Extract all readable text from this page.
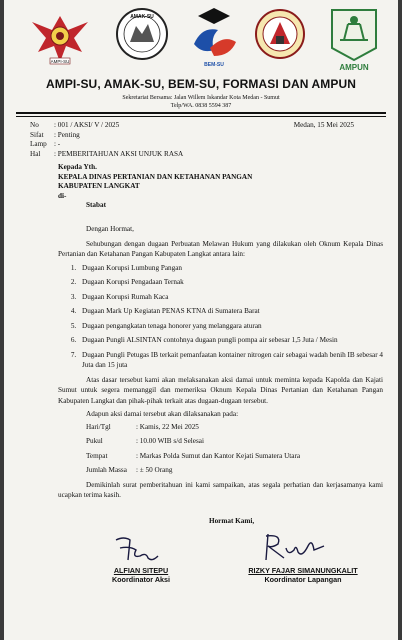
AMPI-SU
AMAK-SU
BEM-SU	AMPUN
AMPI-SU, AMAK-SU, BEM-SU, FORMASI DAN AMPUN
Sekretariat Bersama: Jalan Willem Iskandar Kota Medan - Sumut
Telp/WA. 0838 5594 387
No	: 001 / AKSI/ V / 2025
Sifat	: Penting
Lamp	: -
Hal	: PEMBERITAHUAN AKSI UNJUK RASA
Medan, 15 Mei 2025
Kepada Yth.
KEPALA DINAS PERTANIAN DAN KETAHANAN PANGAN
KABUPATEN LANGKAT
di-
Stabat
Dengan Hormat,
Sehubungan dengan dugaan Perbuatan Melawan Hukum yang dilakukan oleh Oknum Kepala Dinas Pertanian dan Ketahanan Pangan Kabupaten Langkat antara lain:
1. Dugaan Korupsi Lumbung Pangan
2. Dugaan Korupsi Pengadaan Ternak
3. Dugaan Korupsi Rumah Kaca
4. Dugaan Mark Up Kegiatan PENAS KTNA di Sumatera Barat
5. Dugaan pengangkatan tenaga honorer yang melanggara aturan
6. Dugaan Pungli ALSINTAN contohnya dugaan pungli pompa air sebesar 1,5 Juta / Mesin
7. Dugaan Pungli Petugas IB terkait pemanfaatan kontainer nitrogen cair sebagai wadah benih IB sebesar 4 Juta dan 15 juta
Atas dasar tersebut kami akan melaksanakan aksi damai untuk meminta kepada Kapolda dan Kajati Sumut untuk segera memanggil dan memeriksa Oknum Kepala Dinas Pertanian dan Ketahanan Pangan Kabupaten Langkat dan pihak-pihak terkait atas dugaan-dugaan tersebut.
Adapun aksi damai tersebut akan dilaksanakan pada:
Hari/Tgl	: Kamis, 22 Mei 2025
Pukul	: 10.00 WIB s/d Selesai
Tempat	: Markas Polda Sumut dan Kantor Kejati Sumatera Utara
Jumlah Massa	: ± 50 Orang
Demikinlah surat pemberitahuan ini kami sampaikan, atas segala perhatian dan kerjasamanya kami ucapkan terima kasih.
Hormat Kami,
ALFIAN SITEPU
Koordinator Aksi
RIZKY FAJAR SIMANUNGKALIT
Koordinator Lapangan
